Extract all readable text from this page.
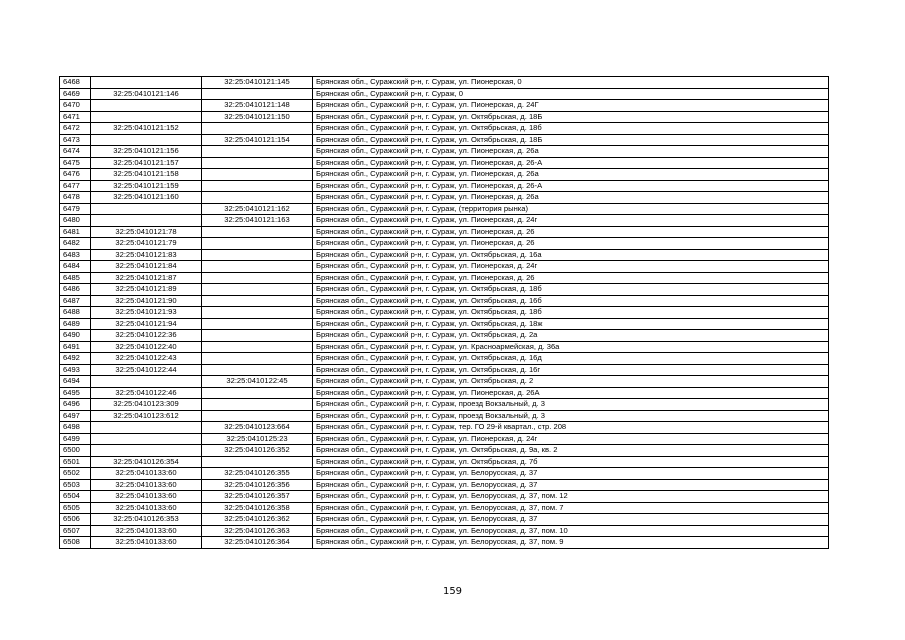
6468		32:25:0410121:145	Брянская обл., Суражский р-н, г. Сураж, ул. Пионерская, 0
6469	32:25:0410121:146		Брянская обл., Суражский р-н, г. Сураж, 0
6470		32:25:0410121:148	Брянская обл., Суражский р-н, г. Сураж, ул. Пионерская, д. 24Г
6471		32:25:0410121:150	Брянская обл., Суражский р-н, г. Сураж, ул. Октябрьская, д. 18Б
6472	32:25:0410121:152		Брянская обл., Суражский р-н, г. Сураж, ул. Октябрьская, д. 18б
6473		32:25:0410121:154	Брянская обл., Суражский р-н, г. Сураж, ул. Октябрьская, д. 18Б
6474	32:25:0410121:156		Брянская обл., Суражский р-н, г. Сураж, ул. Пионерская, д. 26а
6475	32:25:0410121:157		Брянская обл., Суражский р-н, г. Сураж, ул. Пионерская, д. 26-А
6476	32:25:0410121:158		Брянская обл., Суражский р-н, г. Сураж, ул. Пионерская, д. 26а
6477	32:25:0410121:159		Брянская обл., Суражский р-н, г. Сураж, ул. Пионерская, д. 26-А
6478	32:25:0410121:160		Брянская обл., Суражский р-н, г. Сураж, ул. Пионерская, д. 26а
6479		32:25:0410121:162	Брянская обл., Суражский р-н, г. Сураж, (территория рынка)
6480		32:25:0410121:163	Брянская обл., Суражский р-н, г. Сураж, ул. Пионерская, д. 24г
6481	32:25:0410121:78		Брянская обл., Суражский р-н, г. Сураж, ул. Пионерская, д. 26
6482	32:25:0410121:79		Брянская обл., Суражский р-н, г. Сураж, ул. Пионерская, д. 26
6483	32:25:0410121:83		Брянская обл., Суражский р-н, г. Сураж, ул. Октябрьская, д. 16а
6484	32:25:0410121:84		Брянская обл., Суражский р-н, г. Сураж, ул. Пионерская, д. 24г
6485	32:25:0410121:87		Брянская обл., Суражский р-н, г. Сураж, ул. Пионерская, д. 26
6486	32:25:0410121:89		Брянская обл., Суражский р-н, г. Сураж, ул. Октябрьская, д. 18б
6487	32:25:0410121:90		Брянская обл., Суражский р-н, г. Сураж, ул. Октябрьская, д. 16б
6488	32:25:0410121:93		Брянская обл., Суражский р-н, г. Сураж, ул. Октябрьская, д. 18б
6489	32:25:0410121:94		Брянская обл., Суражский р-н, г. Сураж, ул. Октябрьская, д. 18ж
6490	32:25:0410122:36		Брянская обл., Суражский р-н, г. Сураж, ул. Октябрьская, д. 2а
6491	32:25:0410122:40		Брянская обл., Суражский р-н, г. Сураж, ул. Красноармейская, д. 36а
6492	32:25:0410122:43		Брянская обл., Суражский р-н, г. Сураж, ул. Октябрьская, д. 16д
6493	32:25:0410122:44		Брянская обл., Суражский р-н, г. Сураж, ул. Октябрьская, д. 16г
6494		32:25:0410122:45	Брянская обл., Суражский р-н, г. Сураж, ул. Октябрьская, д. 2
6495	32:25:0410122:46		Брянская обл., Суражский р-н, г. Сураж, ул. Пионерская, д. 26А
6496	32:25:0410123:309		Брянская обл., Суражский р-н, г. Сураж, проезд Вокзальный, д. 3
6497	32:25:0410123:612		Брянская обл., Суражский р-н, г. Сураж, проезд Вокзальный, д. 3
6498		32:25:0410123:664	Брянская обл., Суражский р-н, г. Сураж, тер. ГО 29-й квартал., стр. 208
6499		32:25:0410125:23	Брянская обл., Суражский р-н, г. Сураж, ул. Пионерская, д. 24г
6500		32:25:0410126:352	Брянская обл., Суражский р-н, г. Сураж, ул. Октябрьская, д. 9а, кв. 2
6501	32:25:0410126:354		Брянская обл., Суражский р-н, г. Сураж, ул. Октябрьская, д. 7б
6502	32:25:0410133:60	32:25:0410126:355	Брянская обл., Суражский р-н, г. Сураж, ул. Белорусская, д. 37
6503	32:25:0410133:60	32:25:0410126:356	Брянская обл., Суражский р-н, г. Сураж, ул. Белорусская, д. 37
6504	32:25:0410133:60	32:25:0410126:357	Брянская обл., Суражский р-н, г. Сураж, ул. Белорусская, д. 37, пом. 12
6505	32:25:0410133:60	32:25:0410126:358	Брянская обл., Суражский р-н, г. Сураж, ул. Белорусская, д. 37, пом. 7
6506	32:25:0410126:353	32:25:0410126:362	Брянская обл., Суражский р-н, г. Сураж, ул. Белорусская, д. 37
6507	32:25:0410133:60	32:25:0410126:363	Брянская обл., Суражский р-н, г. Сураж, ул. Белорусская, д. 37, пом. 10
6508	32:25:0410133:60	32:25:0410126:364	Брянская обл., Суражский р-н, г. Сураж, ул. Белорусская, д. 37, пом. 9
159
